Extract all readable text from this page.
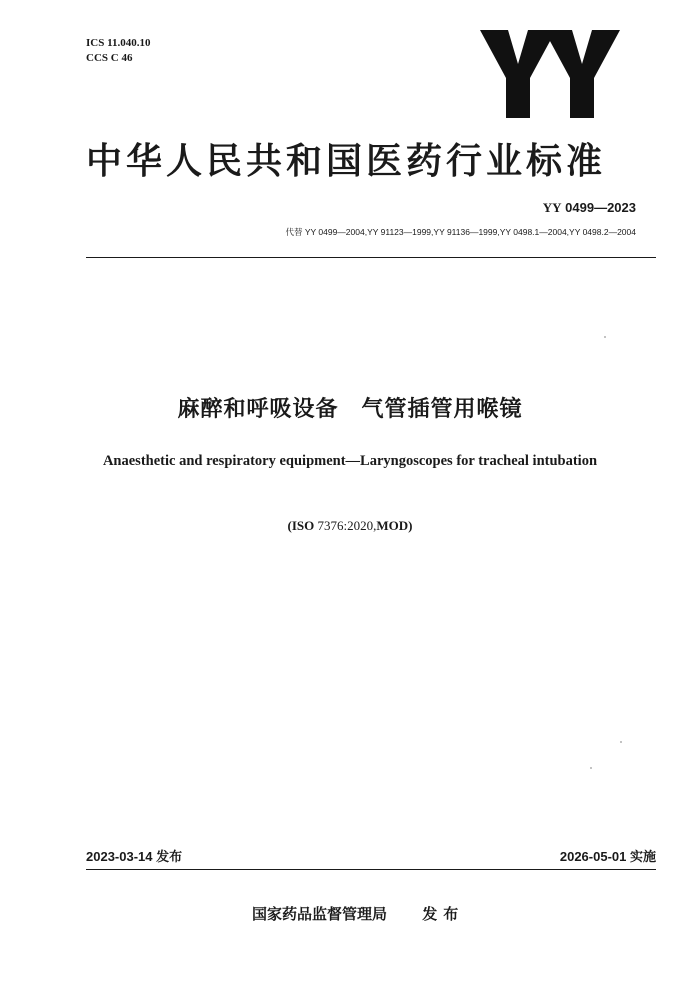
ICS 11.040.10
CCS C 46
中华人民共和国医药行业标准
YY 0499—2023
代替 YY 0499—2004,YY 91123—1999,YY 91136—1999,YY 0498.1—2004,YY 0498.2—2004
麻醉和呼吸设备　气管插管用喉镜
Anaesthetic and respiratory equipment—Laryngoscopes for tracheal intubation
(ISO 7376:2020,MOD)
2023-03-14 发布	2026-05-01 实施
国家药品监督管理局 发布
